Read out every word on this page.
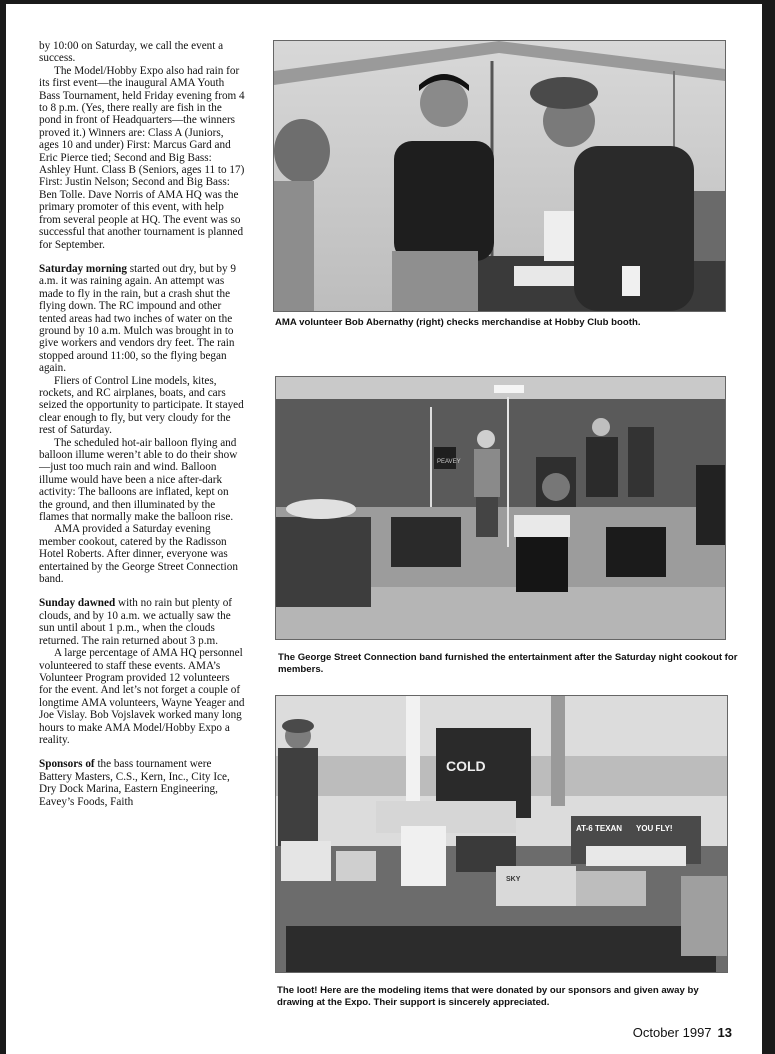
by 10:00 on Saturday, we call the event a success.

The Model/Hobby Expo also had rain for its first event—the inaugural AMA Youth Bass Tournament, held Friday evening from 4 to 8 p.m. (Yes, there really are fish in the pond in front of Headquarters—the winners proved it.) Winners are: Class A (Juniors, ages 10 and under) First: Marcus Gard and Eric Pierce tied; Second and Big Bass: Ashley Hunt. Class B (Seniors, ages 11 to 17) First: Justin Nelson; Second and Big Bass: Ben Tolle. Dave Norris of AMA HQ was the primary promoter of this event, with help from several people at HQ. The event was so successful that another tournament is planned for September.

Saturday morning started out dry, but by 9 a.m. it was raining again. An attempt was made to fly in the rain, but a crash shut the flying down. The RC impound and other tented areas had two inches of water on the ground by 10 a.m. Mulch was brought in to give workers and vendors dry feet. The rain stopped around 11:00, so the flying began again.

Fliers of Control Line models, kites, rockets, and RC airplanes, boats, and cars seized the opportunity to participate. It stayed clear enough to fly, but very cloudy for the rest of Saturday.

The scheduled hot-air balloon flying and balloon illume weren’t able to do their show—just too much rain and wind. Balloon illume would have been a nice after-dark activity: The balloons are inflated, kept on the ground, and then illuminated by the flames that normally make the balloon rise.

AMA provided a Saturday evening member cookout, catered by the Radisson Hotel Roberts. After dinner, everyone was entertained by the George Street Connection band.

Sunday dawned with no rain but plenty of clouds, and by 10 a.m. we actually saw the sun until about 1 p.m., when the clouds returned. The rain returned about 3 p.m.

A large percentage of AMA HQ personnel volunteered to staff these events. AMA’s Volunteer Program provided 12 volunteers for the event. And let’s not forget a couple of longtime AMA volunteers, Wayne Yeager and Joe Vislay. Bob Vojslavek worked many long hours to make AMA Model/Hobby Expo a reality.

Sponsors of the bass tournament were Battery Masters, C.S., Kern, Inc., City Ice, Dry Dock Marina, Eastern Engineering, Eavey’s Foods, Faith

AMA volunteer Bob Abernathy (right) checks merchandise at Hobby Club booth.
PEAVEY
The George Street Connection band furnished the entertainment after the Saturday night cookout for members.
COLD
AT-6 TEXAN YOU FLY!
SKY
The loot! Here are the modeling items that were donated by our sponsors and given away by drawing at the Expo. Their support is sincerely appreciated.
October 1997 13
